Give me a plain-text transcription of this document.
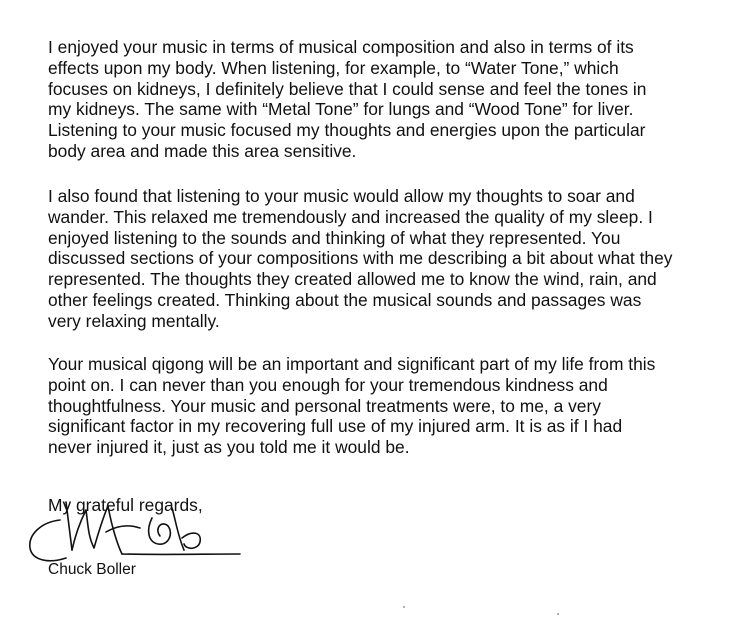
I enjoyed your music in terms of musical composition and also in terms of its
effects upon my body. When listening, for example, to “Water Tone,” which
focuses on kidneys, I definitely believe that I could sense and feel the tones in
my kidneys. The same with “Metal Tone” for lungs and “Wood Tone” for liver.
Listening to your music focused my thoughts and energies upon the particular
body area and made this area sensitive.
I also found that listening to your music would allow my thoughts to soar and
wander. This relaxed me tremendously and increased the quality of my sleep. I
enjoyed listening to the sounds and thinking of what they represented. You
discussed sections of your compositions with me describing a bit about what they
represented. The thoughts they created allowed me to know the wind, rain, and
other feelings created. Thinking about the musical sounds and passages was
very relaxing mentally.
Your musical qigong will be an important and significant part of my life from this
point on. I can never than you enough for your tremendous kindness and
thoughtfulness. Your music and personal treatments were, to me, a very
significant factor in my recovering full use of my injured arm. It is as if I had
never injured it, just as you told me it would be.
My grateful regards,
Chuck Boller
